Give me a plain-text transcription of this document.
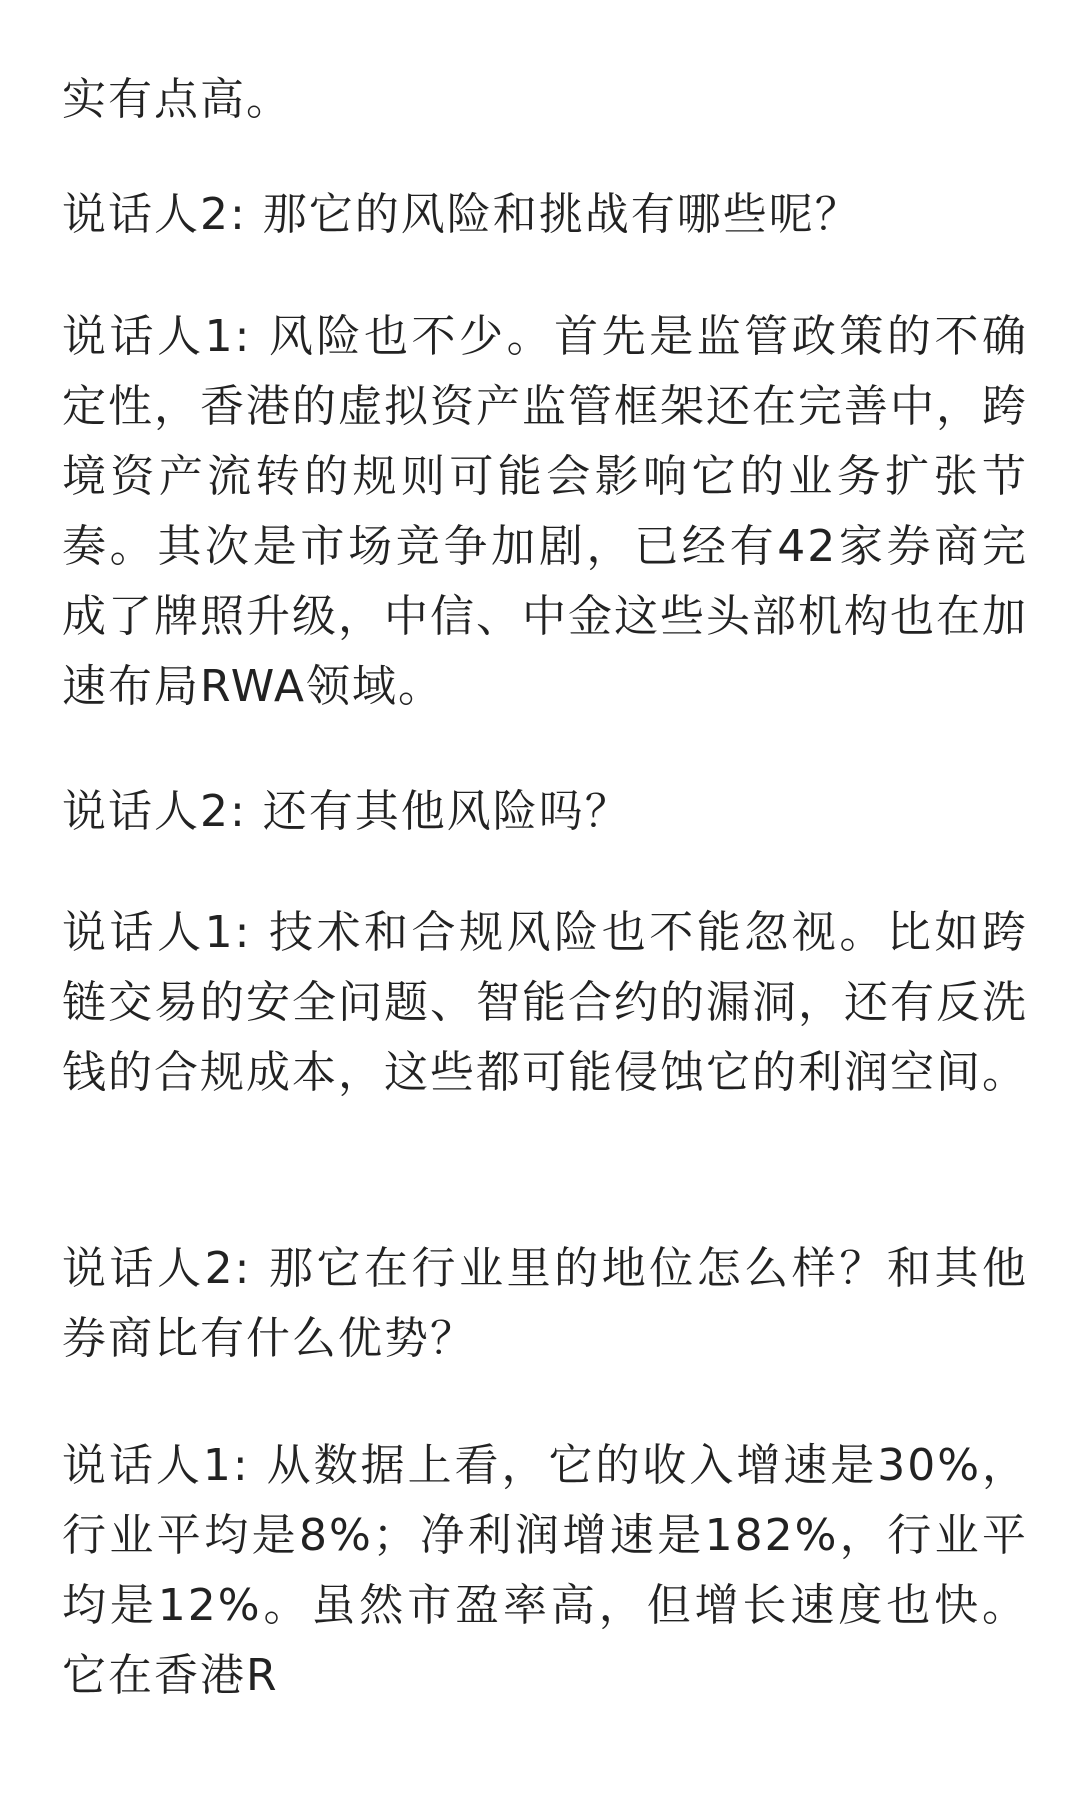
实有点高。

说话人2: 那它的风险和挑战有哪些呢？

说话人1: 风险也不少。首先是监管政策的不确定性，香港的虚拟资产监管框架还在完善中，跨境资产流转的规则可能会影响它的业务扩张节奏。其次是市场竞争加剧，已经有42家券商完成了牌照升级，中信、中金这些头部机构也在加速布局RWA领域。

说话人2: 还有其他风险吗？

说话人1: 技术和合规风险也不能忽视。比如跨链交易的安全问题、智能合约的漏洞，还有反洗钱的合规成本，这些都可能侵蚀它的利润空间。

说话人2: 那它在行业里的地位怎么样？和其他券商比有什么优势？

说话人1: 从数据上看，它的收入增速是30%，行业平均是8%；净利润增速是182%，行业平均是12%。虽然市盈率高，但增长速度也快。它在香港R
